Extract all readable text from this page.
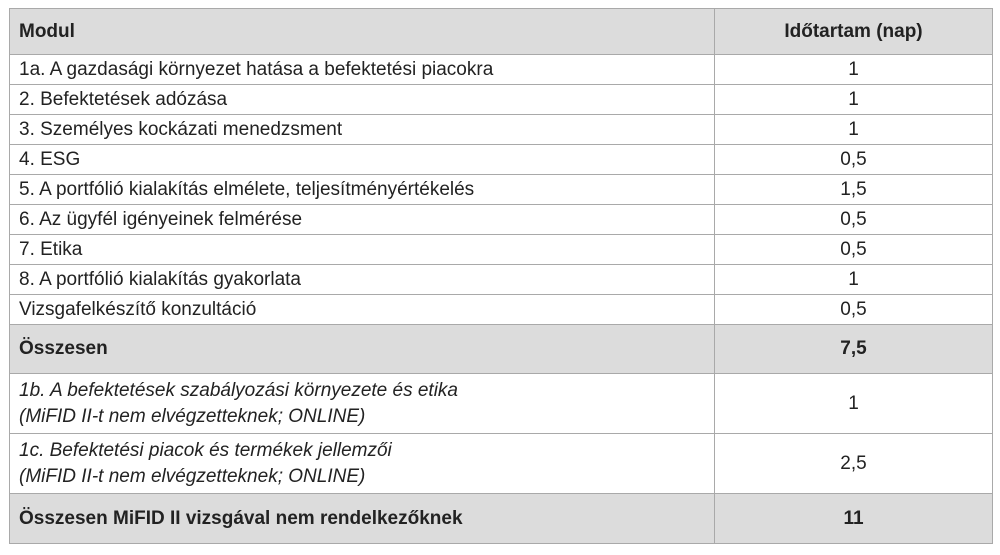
Modul	Időtartam (nap)
1a. A gazdasági környezet hatása a befektetési piacokra	1
2. Befektetések adózása	1
3. Személyes kockázati menedzsment	1
4. ESG	0,5
5. A portfólió kialakítás elmélete, teljesítményértékelés	1,5
6. Az ügyfél igényeinek felmérése	0,5
7. Etika	0,5
8. A portfólió kialakítás gyakorlata	1
Vizsgafelkészítő konzultáció	0,5
Összesen	7,5

1b. A befektetések szabályozási környezete és etika
(MiFID II-t nem elvégzetteknek; ONLINE)	1

1c. Befektetési piacok és termékek jellemzői
(MiFID II-t nem elvégzetteknek; ONLINE)	2,5
Összesen MiFID II vizsgával nem rendelkezőknek	11
